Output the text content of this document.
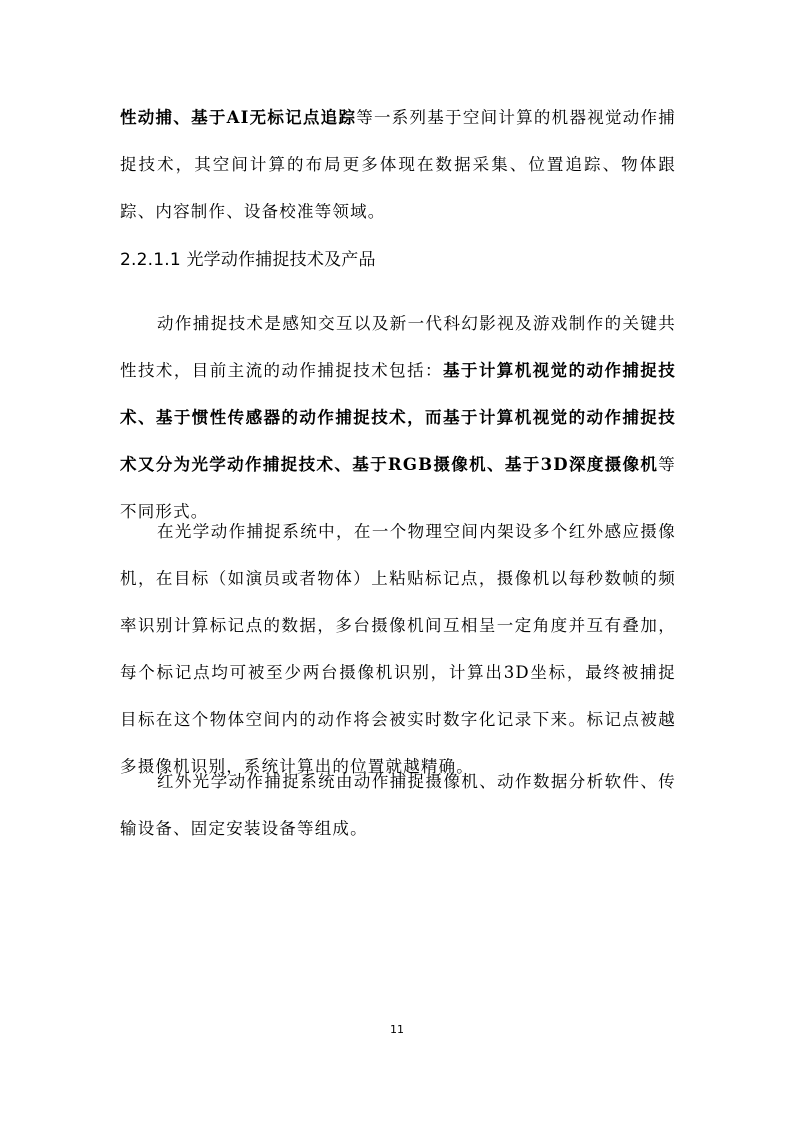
性动捕、基于AI无标记点追踪等一系列基于空间计算的机器视觉动作捕捉技术，其空间计算的布局更多体现在数据采集、位置追踪、物体跟踪、内容制作、设备校准等领域。

2.2.1.1 光学动作捕捉技术及产品

动作捕捉技术是感知交互以及新一代科幻影视及游戏制作的关键共性技术，目前主流的动作捕捉技术包括：基于计算机视觉的动作捕捉技术、基于惯性传感器的动作捕捉技术，而基于计算机视觉的动作捕捉技术又分为光学动作捕捉技术、基于RGB摄像机、基于3D深度摄像机等不同形式。

在光学动作捕捉系统中，在一个物理空间内架设多个红外感应摄像机，在目标（如演员或者物体）上粘贴标记点，摄像机以每秒数帧的频率识别计算标记点的数据，多台摄像机间互相呈一定角度并互有叠加，每个标记点均可被至少两台摄像机识别，计算出3D坐标，最终被捕捉目标在这个物体空间内的动作将会被实时数字化记录下来。标记点被越多摄像机识别，系统计算出的位置就越精确。

红外光学动作捕捉系统由动作捕捉摄像机、动作数据分析软件、传输设备、固定安装设备等组成。

11
